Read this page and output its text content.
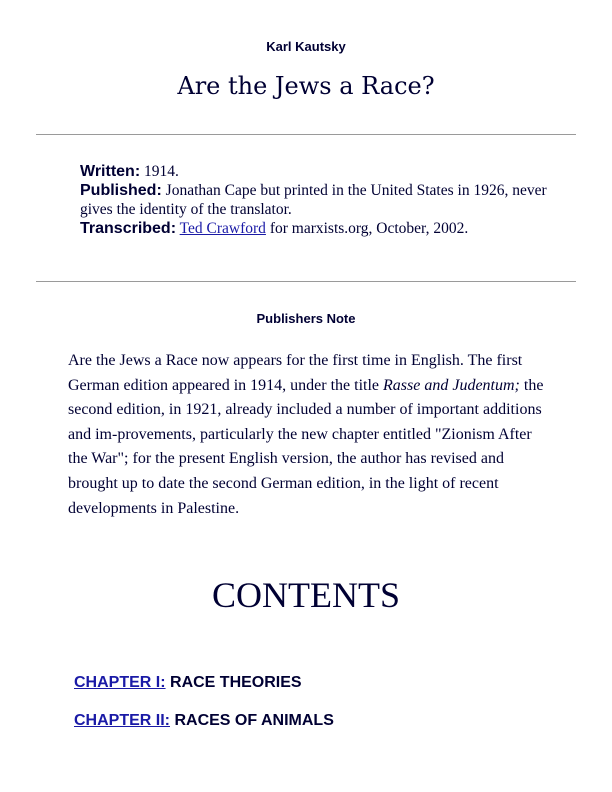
Karl Kautsky
Are the Jews a Race?
Written: 1914.
Published: Jonathan Cape but printed in the United States in 1926, never gives the identity of the translator.
Transcribed: Ted Crawford for marxists.org, October, 2002.
Publishers Note
Are the Jews a Race now appears for the first time in English. The first German edition appeared in 1914, under the title Rasse and Judentum; the second edition, in 1921, already included a number of important additions and im-provements, particularly the new chapter entitled "Zionism After the War"; for the present English version, the author has revised and brought up to date the second German edition, in the light of recent developments in Palestine.
CONTENTS
CHAPTER I: RACE THEORIES
CHAPTER II: RACES OF ANIMALS
